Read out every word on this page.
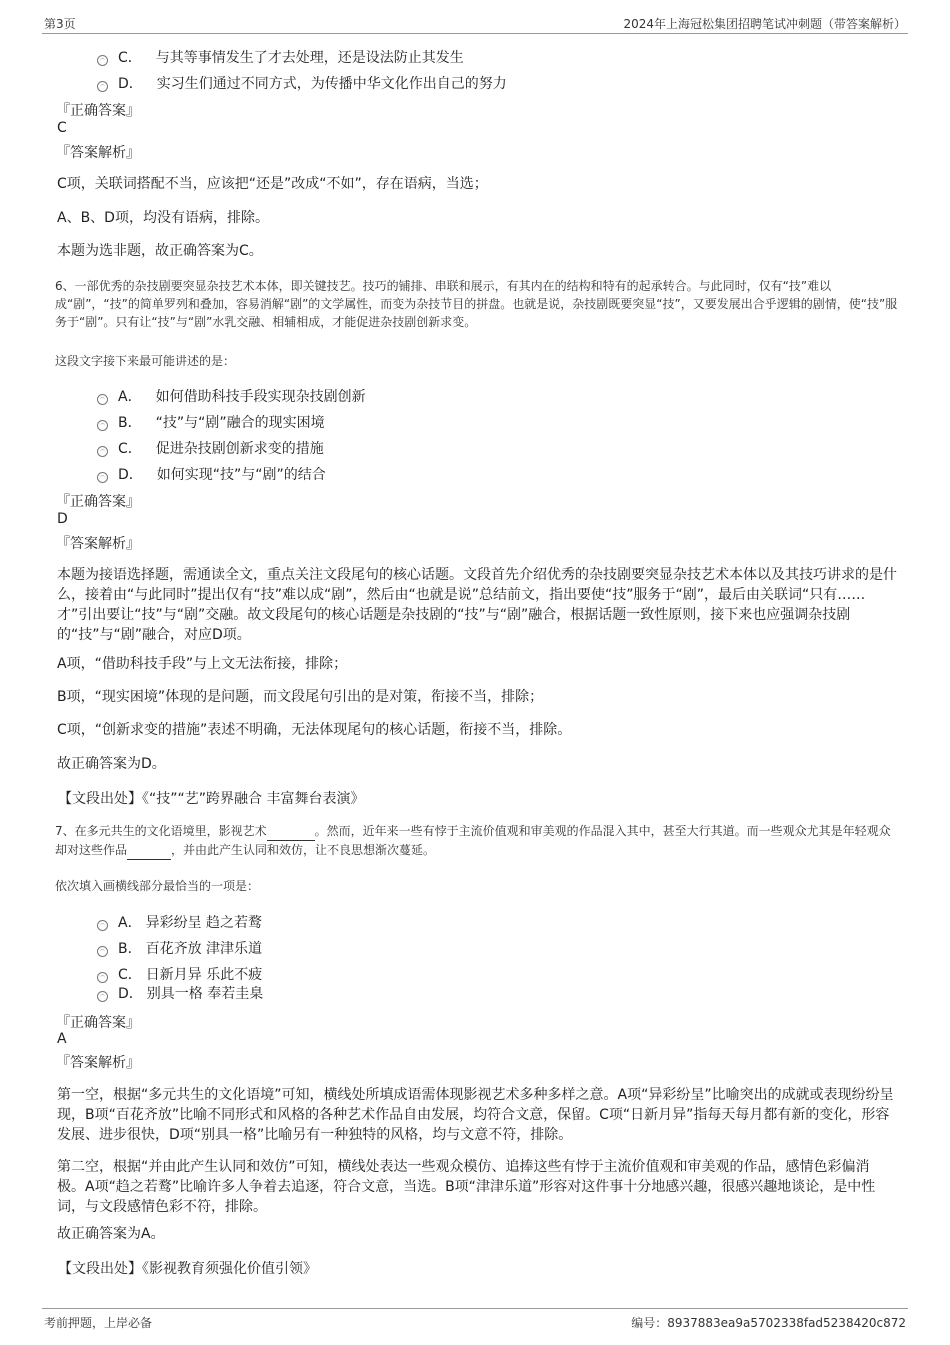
第3页	2024年上海冠松集团招聘笔试冲刺题（带答案解析）
C． 与其等事情发生了才去处理，还是设法防止其发生
D． 实习生们通过不同方式，为传播中华文化作出自己的努力
『正确答案』
C
『答案解析』

C项，关联词搭配不当，应该把“还是”改成“不如”，存在语病，当选；

A、B、D项，均没有语病，排除。

本题为选非题，故正确答案为C。

6、一部优秀的杂技剧要突显杂技艺术本体，即关键技艺。技巧的铺排、串联和展示，有其内在的结构和特有的起承转合。与此同时，仅有“技”难以成“剧”，“技”的简单罗列和叠加，容易消解“剧”的文学属性，而变为杂技节目的拼盘。也就是说，杂技剧既要突显“技”，又要发展出合乎逻辑的剧情，使“技”服务于“剧”。只有让“技”与“剧”水乳交融、相辅相成，才能促进杂技剧创新求变。

这段文字接下来最可能讲述的是：
A． 如何借助科技手段实现杂技剧创新
B． “技”与“剧”融合的现实困境
C． 促进杂技剧创新求变的措施
D． 如何实现“技”与“剧”的结合
『正确答案』
D
『答案解析』

本题为接语选择题，需通读全文，重点关注文段尾句的核心话题。文段首先介绍优秀的杂技剧要突显杂技艺术本体以及其技巧讲求的是什么，接着由“与此同时”提出仅有“技”难以成“剧”，然后由“也就是说”总结前文，指出要使“技”服务于“剧”，最后由关联词“只有……才”引出要让“技”与“剧”交融。故文段尾句的核心话题是杂技剧的“技”与“剧”融合，根据话题一致性原则，接下来也应强调杂技剧的“技”与“剧”融合，对应D项。

A项，“借助科技手段”与上文无法衔接，排除；

B项，“现实困境”体现的是问题，而文段尾句引出的是对策，衔接不当，排除；

C项，“创新求变的措施”表述不明确，无法体现尾句的核心话题，衔接不当，排除。

故正确答案为D。

【文段出处】《“技”“艺”跨界融合 丰富舞台表演》

7、在多元共生的文化语境里，影视艺术	。然而，近年来一些有悖于主流价值观和审美观的作品混入其中，甚至大行其道。而一些观众尤其是年轻观众却对这些作品	，并由此产生认同和效仿，让不良思想渐次蔓延。

依次填入画横线部分最恰当的一项是：
A． 异彩纷呈 趋之若鹜
B． 百花齐放 津津乐道
C． 日新月异 乐此不疲
D． 别具一格 奉若圭臬
『正确答案』
A
『答案解析』

第一空，根据“多元共生的文化语境”可知，横线处所填成语需体现影视艺术多种多样之意。A项“异彩纷呈”比喻突出的成就或表现纷纷呈现，B项“百花齐放”比喻不同形式和风格的各种艺术作品自由发展，均符合文意，保留。C项“日新月异”指每天每月都有新的变化，形容发展、进步很快，D项“别具一格”比喻另有一种独特的风格，均与文意不符，排除。

第二空，根据“并由此产生认同和效仿”可知，横线处表达一些观众模仿、追捧这些有悖于主流价值观和审美观的作品，感情色彩偏消极。A项“趋之若鹜”比喻许多人争着去追逐，符合文意，当选。B项“津津乐道”形容对这件事十分地感兴趣，很感兴趣地谈论，是中性词，与文段感情色彩不符，排除。

故正确答案为A。

【文段出处】《影视教育须强化价值引领》
考前押题，上岸必备	编号：8937883ea9a5702338fad5238420c872
